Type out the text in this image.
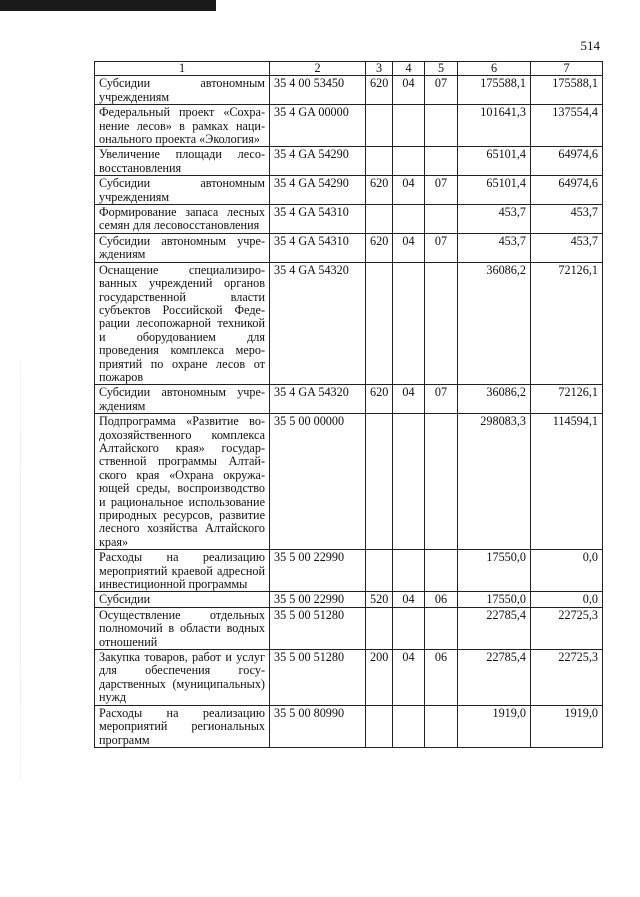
514
1	2	3	4	5	6	7
Субсидии автономным учреждениям	35 4 00 53450	620	04	07	175588,1	175588,1
Федеральный проект «Сохранение лесов» в рамках национального проекта «Экология»	35 4 GA 00000				101641,3	137554,4
Увеличение площади лесовосстановления	35 4 GA 54290				65101,4	64974,6
Субсидии автономным учреждениям	35 4 GA 54290	620	04	07	65101,4	64974,6
Формирование запаса лесных семян для лесовосстановления	35 4 GA 54310				453,7	453,7
Субсидии автономным учреждениям	35 4 GA 54310	620	04	07	453,7	453,7
Оснащение специализированных учреждений органов государственной власти субъектов Российской Федерации лесопожарной техникой и оборудованием для проведения комплекса мероприятий по охране лесов от пожаров	35 4 GA 54320				36086,2	72126,1
Субсидии автономным учреждениям	35 4 GA 54320	620	04	07	36086,2	72126,1
Подпрограмма «Развитие водохозяйственного комплекса Алтайского края» государственной программы Алтайского края «Охрана окружающей среды, воспроизводство и рациональное использование природных ресурсов, развитие лесного хозяйства Алтайского края»	35 5 00 00000				298083,3	114594,1
Расходы на реализацию мероприятий краевой адресной инвестиционной программы	35 5 00 22990				17550,0	0,0
Субсидии	35 5 00 22990	520	04	06	17550,0	0,0
Осуществление отдельных полномочий в области водных отношений	35 5 00 51280				22785,4	22725,3
Закупка товаров, работ и услуг для обеспечения государственных (муниципальных) нужд	35 5 00 51280	200	04	06	22785,4	22725,3
Расходы на реализацию мероприятий региональных программ	35 5 00 80990				1919,0	1919,0
